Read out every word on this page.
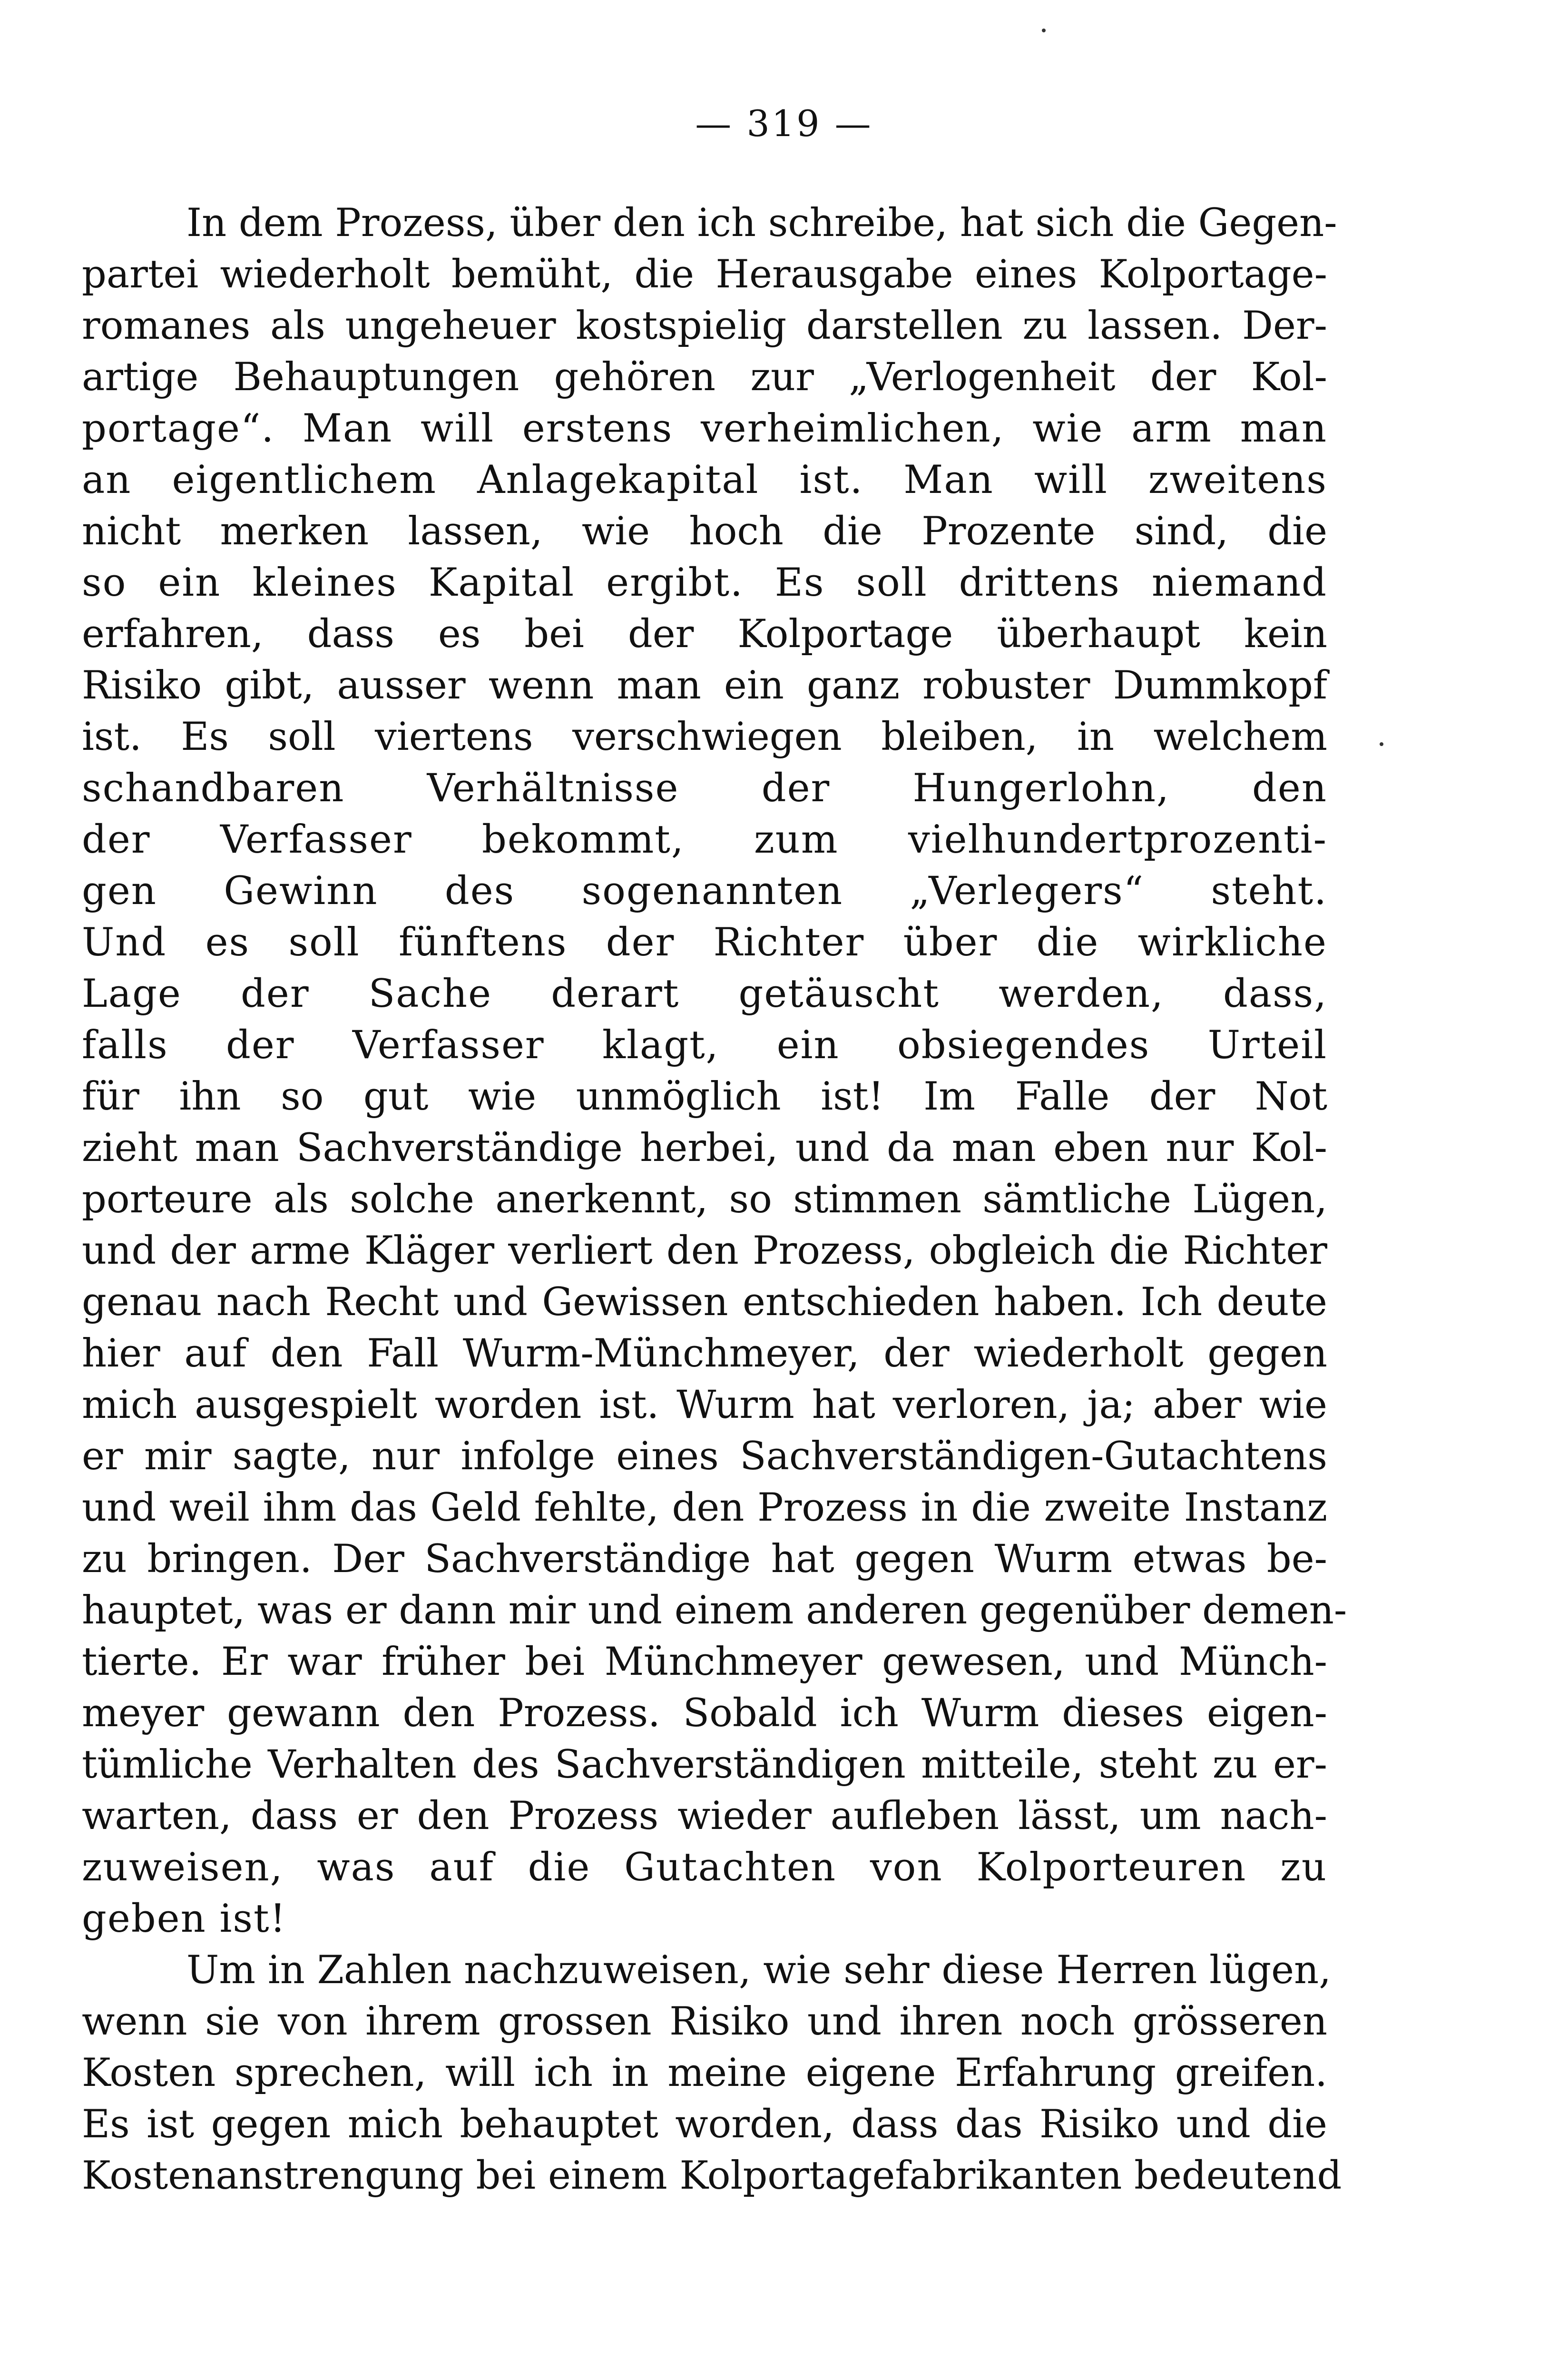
— 319 —
In dem Prozess, über den ich schreibe, hat sich die Gegen-
partei wiederholt bemüht, die Herausgabe eines Kolportage-
romanes als ungeheuer kostspielig darstellen zu lassen. Der-
artige Behauptungen gehören zur „Verlogenheit der Kol-
portage“. Man will erstens verheimlichen, wie arm man
an eigentlichem Anlagekapital ist. Man will zweitens
nicht merken lassen, wie hoch die Prozente sind, die
so ein kleines Kapital ergibt. Es soll drittens niemand
erfahren, dass es bei der Kolportage überhaupt kein
Risiko gibt, ausser wenn man ein ganz robuster Dummkopf
ist. Es soll viertens verschwiegen bleiben, in welchem
schandbaren Verhältnisse der Hungerlohn, den
der Verfasser bekommt, zum vielhundertprozenti-
gen Gewinn des sogenannten „Verlegers“ steht.
Und es soll fünftens der Richter über die wirkliche
Lage der Sache derart getäuscht werden, dass,
falls der Verfasser klagt, ein obsiegendes Urteil
für ihn so gut wie unmöglich ist! Im Falle der Not
zieht man Sachverständige herbei, und da man eben nur Kol-
porteure als solche anerkennt, so stimmen sämtliche Lügen,
und der arme Kläger verliert den Prozess, obgleich die Richter
genau nach Recht und Gewissen entschieden haben. Ich deute
hier auf den Fall Wurm-Münchmeyer, der wiederholt gegen
mich ausgespielt worden ist. Wurm hat verloren, ja; aber wie
er mir sagte, nur infolge eines Sachverständigen-Gutachtens
und weil ihm das Geld fehlte, den Prozess in die zweite Instanz
zu bringen. Der Sachverständige hat gegen Wurm etwas be-
hauptet, was er dann mir und einem anderen gegenüber demen-
tierte. Er war früher bei Münchmeyer gewesen, und Münch-
meyer gewann den Prozess. Sobald ich Wurm dieses eigen-
tümliche Verhalten des Sachverständigen mitteile, steht zu er-
warten, dass er den Prozess wieder aufleben lässt, um nach-
zuweisen, was auf die Gutachten von Kolporteuren zu
geben ist!
Um in Zahlen nachzuweisen, wie sehr diese Herren lügen,
wenn sie von ihrem grossen Risiko und ihren noch grösseren
Kosten sprechen, will ich in meine eigene Erfahrung greifen.
Es ist gegen mich behauptet worden, dass das Risiko und die
Kostenanstrengung bei einem Kolportagefabrikanten bedeutend
